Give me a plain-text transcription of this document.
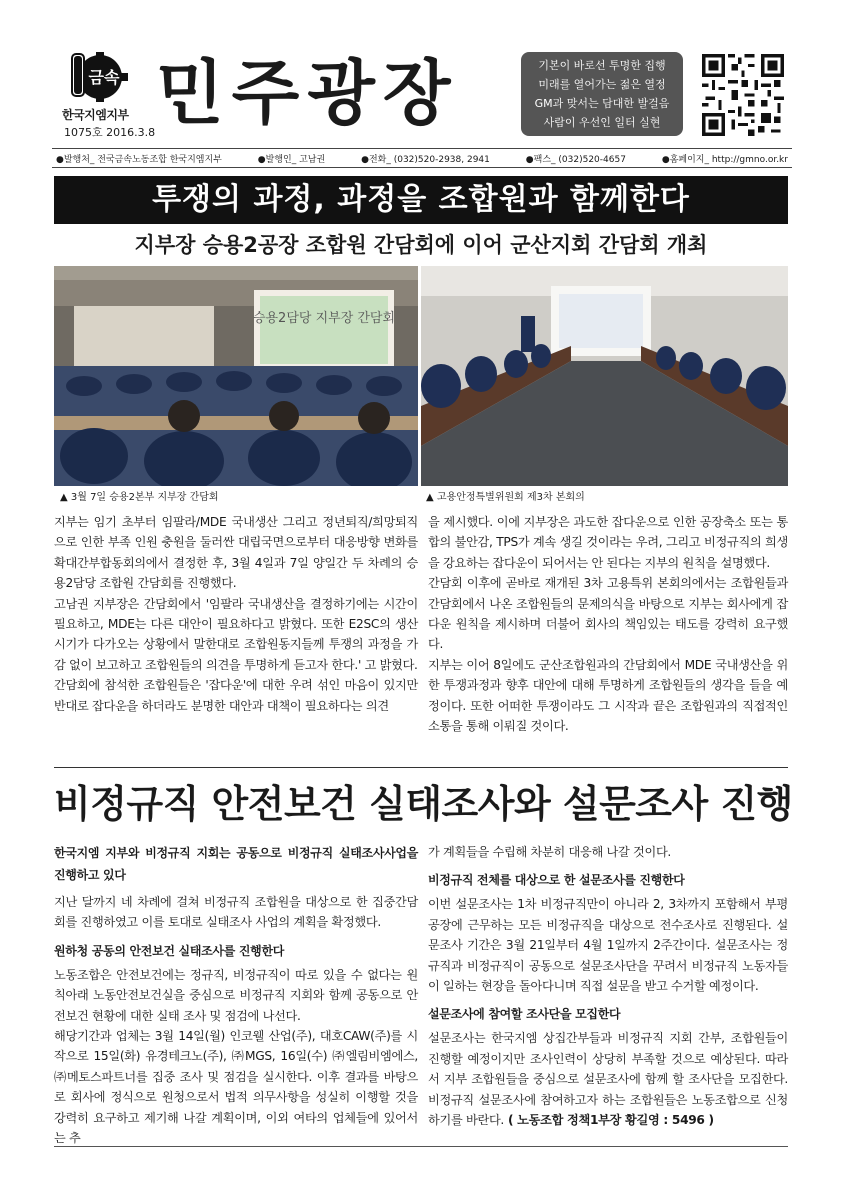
금속
한국지엠지부
1075호 2016.3.8 민주광장	기본이 바로선 투명한 집행
미래를 열어가는 젊은 열정
GM과 맞서는 담대한 발걸음
사람이 우선인 일터 실현
●발행처_ 전국금속노동조합 한국지엠지부	●발행인_ 고남권	●전화_ (032)520-2938, 2941	●팩스_ (032)520-4657	●홈페이지_ http://gmno.or.kr
투쟁의 과정, 과정을 조합원과 함께한다
지부장 승용2공장 조합원 간담회에 이어 군산지회 간담회 개최
승용2담당 지부장 간담회
▲ 3월 7일 승용2본부 지부장 간담회	▲ 고용안정특별위원회 제3차 본회의

지부는 임기 초부터 임팔라/MDE 국내생산 그리고 정년퇴직/희망퇴직으로 인한 부족 인원 충원을 둘러싼 대립국면으로부터 대응방향 변화를 확대간부합동회의에서 결정한 후, 3월 4일과 7일 양일간 두 차례의 승용2담당 조합원 간담회를 진행했다.

고남권 지부장은 간담회에서 '임팔라 국내생산을 결정하기에는 시간이 필요하고, MDE는 다른 대안이 필요하다고 밝혔다. 또한 E2SC의 생산시기가 다가오는 상황에서 말한대로 조합원동지들께 투쟁의 과정을 가감 없이 보고하고 조합원들의 의견을 투명하게 듣고자 한다.' 고 밝혔다.

간담회에 참석한 조합원들은 '잡다운'에 대한 우려 섞인 마음이 있지만 반대로 잡다운을 하더라도 분명한 대안과 대책이 필요하다는 의견

을 제시했다. 이에 지부장은 과도한 잡다운으로 인한 공장축소 또는 통합의 불안감, TPS가 계속 생길 것이라는 우려, 그리고 비정규직의 희생을 강요하는 잡다운이 되어서는 안 된다는 지부의 원칙을 설명했다.

간담회 이후에 곧바로 재개된 3차 고용특위 본회의에서는 조합원들과 간담회에서 나온 조합원들의 문제의식을 바탕으로 지부는 회사에게 잡다운 원칙을 제시하며 더불어 회사의 책임있는 태도를 강력히 요구했다.

지부는 이어 8일에도 군산조합원과의 간담회에서 MDE 국내생산을 위한 투쟁과정과 향후 대안에 대해 투명하게 조합원들의 생각을 들을 예정이다. 또한 어떠한 투쟁이라도 그 시작과 끝은 조합원과의 직접적인 소통을 통해 이뤄질 것이다.

비정규직 안전보건 실태조사와 설문조사 진행

한국지엠 지부와 비정규직 지회는 공동으로 비정규직 실태조사사업을 진행하고 있다

지난 달까지 네 차례에 걸쳐 비정규직 조합원을 대상으로 한 집중간담회를 진행하였고 이를 토대로 실태조사 사업의 계획을 확정했다.

원하청 공동의 안전보건 실태조사를 진행한다

노동조합은 안전보건에는 정규직, 비정규직이 따로 있을 수 없다는 원칙아래 노동안전보건실을 중심으로 비정규직 지회와 함께 공동으로 안전보건 현황에 대한 실태 조사 및 점검에 나선다.

해당기간과 업체는 3월 14일(월) 인코웰 산업(주), 대호CAW(주)를 시작으로 15일(화) 유경테크노(주), ㈜MGS, 16일(수) ㈜엘림비엠에스, ㈜메토스파트너를 집중 조사 및 점검을 실시한다. 이후 결과를 바탕으로 회사에 정식으로 원청으로서 법적 의무사항을 성실히 이행할 것을 강력히 요구하고 제기해 나갈 계획이며, 이외 여타의 업체들에 있어서는 추

가 계획들을 수립해 차분히 대응해 나갈 것이다.

비정규직 전체를 대상으로 한 설문조사를 진행한다

이번 설문조사는 1차 비정규직만이 아니라 2, 3차까지 포함해서 부평공장에 근무하는 모든 비정규직을 대상으로 전수조사로 진행된다. 설문조사 기간은 3월 21일부터 4월 1일까지 2주간이다. 설문조사는 정규직과 비정규직이 공동으로 설문조사단을 꾸려서 비정규직 노동자들이 일하는 현장을 돌아다니며 직접 설문을 받고 수거할 예정이다.

설문조사에 참여할 조사단을 모집한다

설문조사는 한국지엠 상집간부들과 비정규직 지회 간부, 조합원들이 진행할 예정이지만 조사인력이 상당히 부족할 것으로 예상된다. 따라서 지부 조합원들을 중심으로 설문조사에 함께 할 조사단을 모집한다. 비정규직 설문조사에 참여하고자 하는 조합원들은 노동조합으로 신청하기를 바란다. ( 노동조합 정책1부장 황길영 : 5496 )
